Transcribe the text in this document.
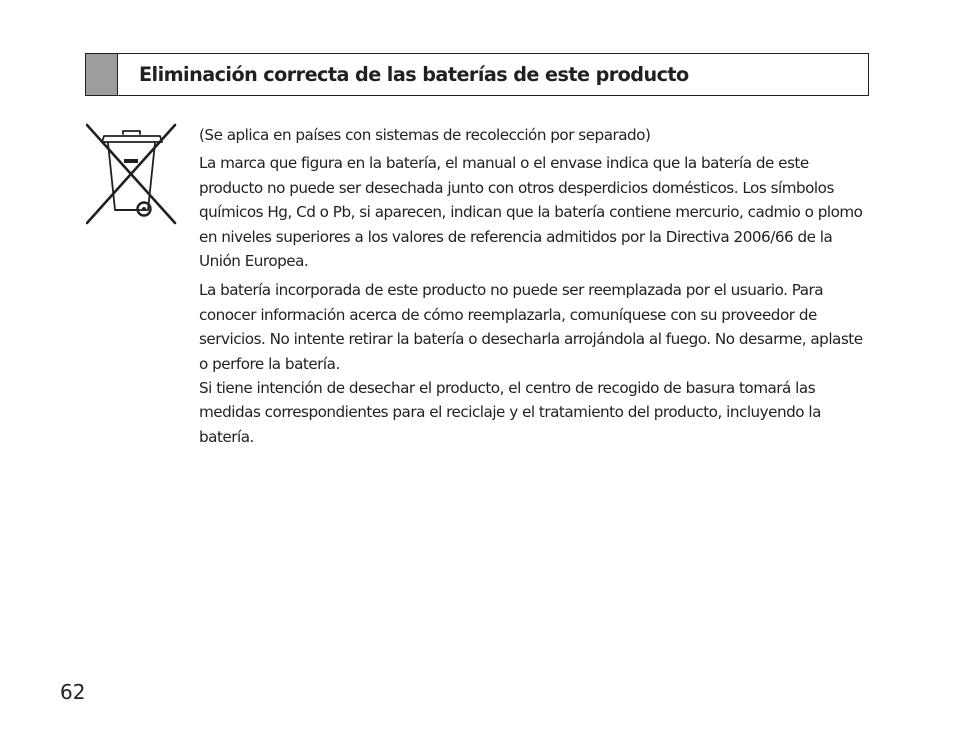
Eliminación correcta de las baterías de este producto

(Se aplica en países con sistemas de recolección por separado)

La marca que figura en la batería, el manual o el envase indica que la batería de este producto no puede ser desechada junto con otros desperdicios domésticos. Los símbolos químicos Hg, Cd o Pb, si aparecen, indican que la batería contiene mercurio, cadmio o plomo en niveles superiores a los valores de referencia admitidos por la Directiva 2006/66 de la Unión Europea.

La batería incorporada de este producto no puede ser reemplazada por el usuario. Para conocer información acerca de cómo reemplazarla, comuníquese con su proveedor de servicios. No intente retirar la batería o desecharla arrojándola al fuego. No desarme, aplaste o perfore la batería.

Si tiene intención de desechar el producto, el centro de recogido de basura tomará las medidas correspondientes para el reciclaje y el tratamiento del producto, incluyendo la batería.

62
